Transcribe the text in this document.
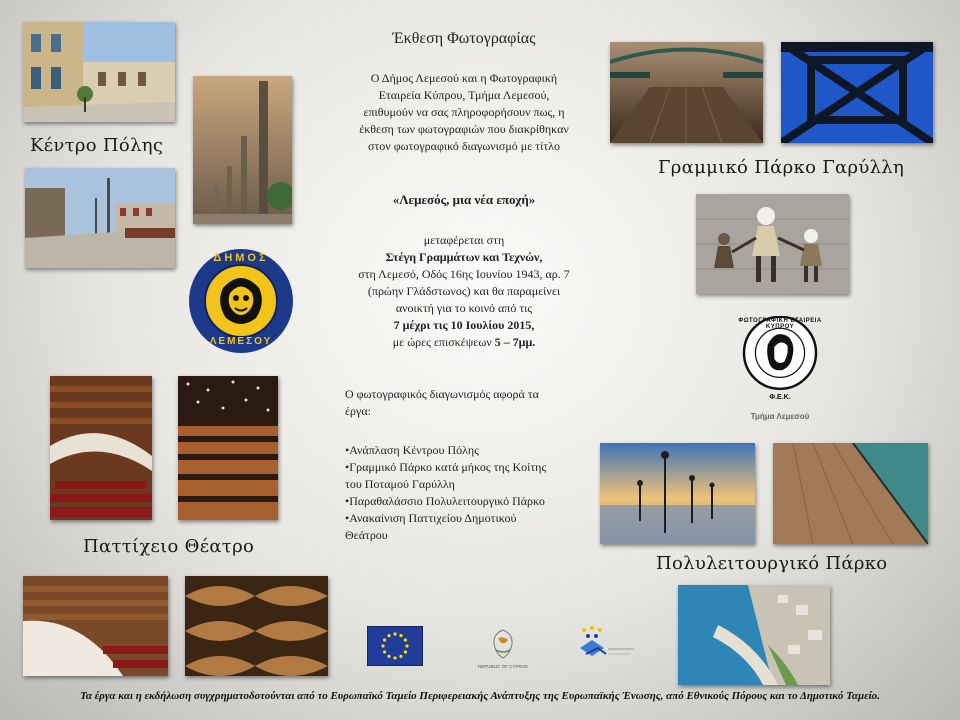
Κέντρο Πόλης
ΔΗΜΟΣ
ΛΕΜΕΣΟΥ
Παττίχειο Θέατρο
Έκθεση Φωτογραφίας

Ο Δήμος Λεμεσού και η Φωτογραφική

Εταιρεία Κύπρου, Τμήμα Λεμεσού,

επιθυμούν να σας πληροφορήσουν πως, η

έκθεση των φωτογραφιών που διακρίθηκαν

στον φωτογραφικό διαγωνισμό με τίτλο

«Λεμεσός, μια νέα εποχή»

μεταφέρεται στη

Στέγη Γραμμάτων και Τεχνών,

στη Λεμεσό, Οδός 16ης Ιουνίου 1943, αρ. 7

(πρώην Γλάδστωνος) και θα παραμείνει

ανοικτή για το κοινό από τις

7 μέχρι τις 10 Ιουλίου 2015,

με ώρες επισκέψεων 5 – 7μμ.

Ο φωτογραφικός διαγωνισμός αφορά τα

έργα:

•Ανάπλαση Κέντρου Πόλης

•Γραμμικό Πάρκο κατά μήκος της Κοίτης

του Ποταμού Γαρύλλη

•Παραθαλάσσιο Πολυλειτουργικό Πάρκο

•Ανακαίνιση Παττιχείου Δημοτικού

Θεάτρου

Γραμμικό Πάρκο Γαρύλλη
ΦΩΤΟΓΡΑΦΙΚΗ ΕΤΑΙΡΕΙΑ ΚΥΠΡΟΥ
Φ.Ε.Κ.
Τμήμα Λεμεσού
Πολυλειτουργικό Πάρκο
REPUBLIC OF CYPRUS
Τα έργα και η εκδήλωση συγχρηματοδοτούνται από το Ευρωπαϊκό Ταμείο Περιφερειακής Ανάπτυξης της Ευρωπαϊκής Ένωσης, από Εθνικούς Πόρους και το Δημοτικό Ταμείο.
